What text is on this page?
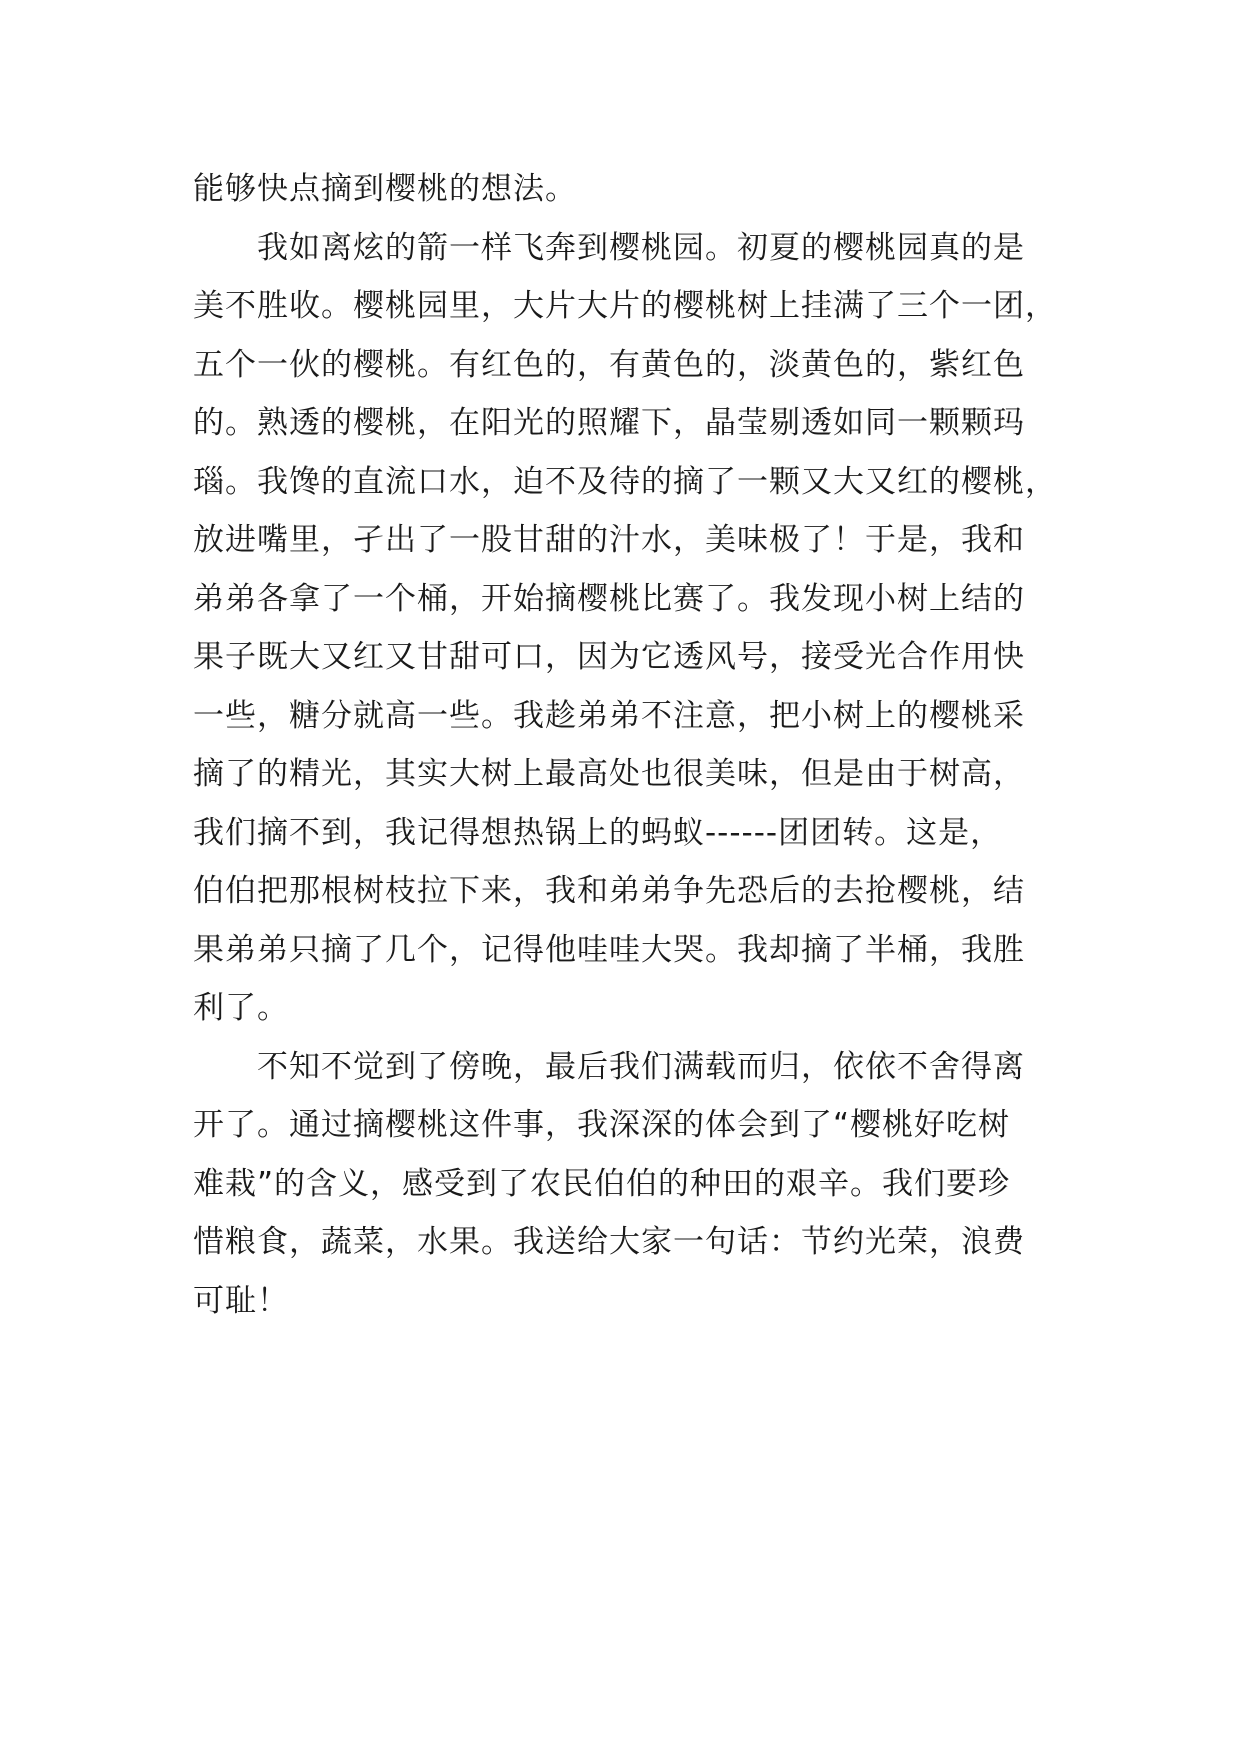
能够快点摘到樱桃的想法。
我如离炫的箭一样飞奔到樱桃园。初夏的樱桃园真的是
美不胜收。樱桃园里，大片大片的樱桃树上挂满了三个一团，
五个一伙的樱桃。有红色的，有黄色的，淡黄色的，紫红色
的。熟透的樱桃，在阳光的照耀下，晶莹剔透如同一颗颗玛
瑙。我馋的直流口水，迫不及待的摘了一颗又大又红的樱桃，
放进嘴里，孑出了一股甘甜的汁水，美味极了！于是，我和
弟弟各拿了一个桶，开始摘樱桃比赛了。我发现小树上结的
果子既大又红又甘甜可口，因为它透风号，接受光合作用快
一些，糖分就高一些。我趁弟弟不注意，把小树上的樱桃采
摘了的精光，其实大树上最高处也很美味，但是由于树高，
我们摘不到，我记得想热锅上的蚂蚁------团团转。这是，
伯伯把那根树枝拉下来，我和弟弟争先恐后的去抢樱桃，结
果弟弟只摘了几个，记得他哇哇大哭。我却摘了半桶，我胜
利了。
不知不觉到了傍晚，最后我们满载而归，依依不舍得离
开了。通过摘樱桃这件事，我深深的体会到了“樱桃好吃树
难栽”的含义，感受到了农民伯伯的种田的艰辛。我们要珍
惜粮食，蔬菜，水果。我送给大家一句话：节约光荣，浪费
可耻！
